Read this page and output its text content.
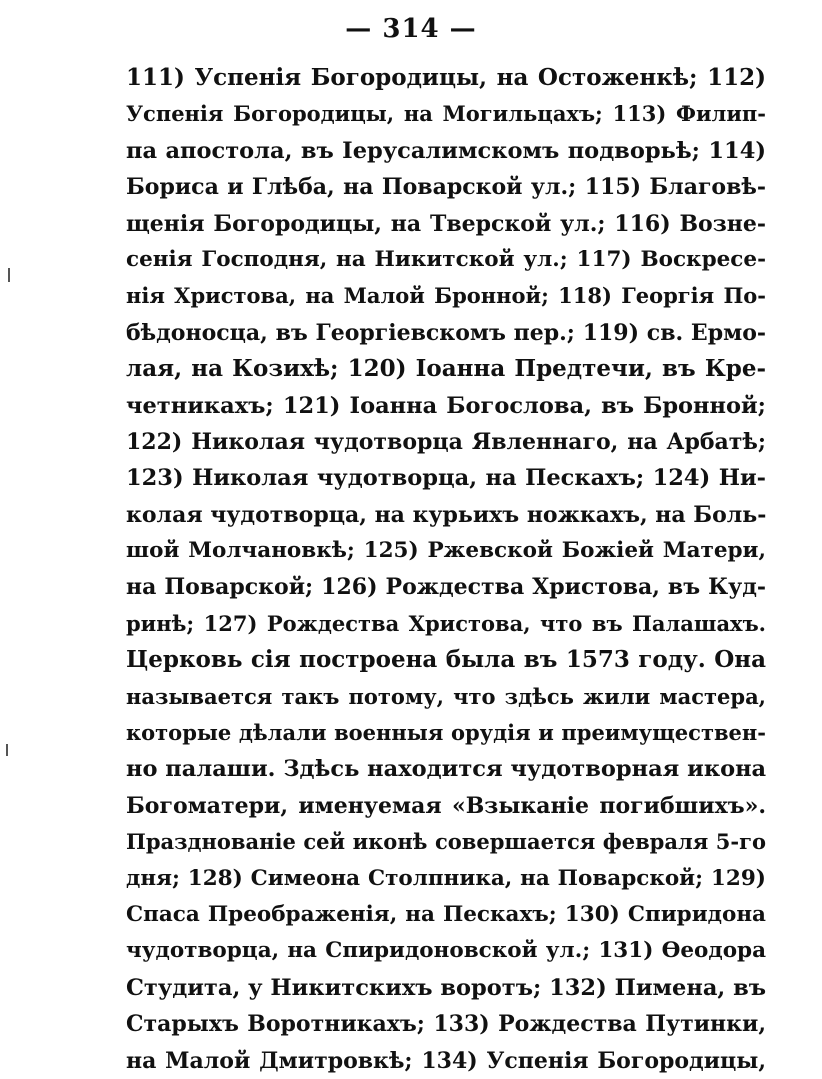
— 314 —
111) Успенія Богородицы, на Остоженкѣ; 112)
Успенія Богородицы, на Могильцахъ; 113) Филип-
па апостола, въ Іерусалимскомъ подворьѣ; 114)
Бориса и Глѣба, на Поварской ул.; 115) Благовѣ-
щенія Богородицы, на Тверской ул.; 116) Возне-
сенія Господня, на Никитской ул.; 117) Воскресе-
нія Христова, на Малой Бронной; 118) Георгія По-
бѣдоносца, въ Георгіевскомъ пер.; 119) св. Ермо-
лая, на Козихѣ; 120) Іоанна Предтечи, въ Кре-
четникахъ; 121) Іоанна Богослова, въ Бронной;
122) Николая чудотворца Явленнаго, на Арбатѣ;
123) Николая чудотворца, на Пескахъ; 124) Ни-
колая чудотворца, на курьихъ ножкахъ, на Боль-
шой Молчановкѣ; 125) Ржевской Божіей Матери,
на Поварской; 126) Рождества Христова, въ Куд-
ринѣ; 127) Рождества Христова, что въ Палашахъ.
Церковь сія построена была въ 1573 году. Она
называется такъ потому, что здѣсь жили мастера,
которые дѣлали военныя орудія и преимуществен-
но палаши. Здѣсь находится чудотворная икона
Богоматери, именуемая «Взыканіе погибшихъ».
Празднованіе сей иконѣ совершается февраля 5-го
дня; 128) Симеона Столпника, на Поварской; 129)
Спаса Преображенія, на Пескахъ; 130) Спиридона
чудотворца, на Спиридоновской ул.; 131) Ѳеодора
Студита, у Никитскихъ воротъ; 132) Пимена, въ
Старыхъ Воротникахъ; 133) Рождества Путинки,
на Малой Дмитровкѣ; 134) Успенія Богородицы,
